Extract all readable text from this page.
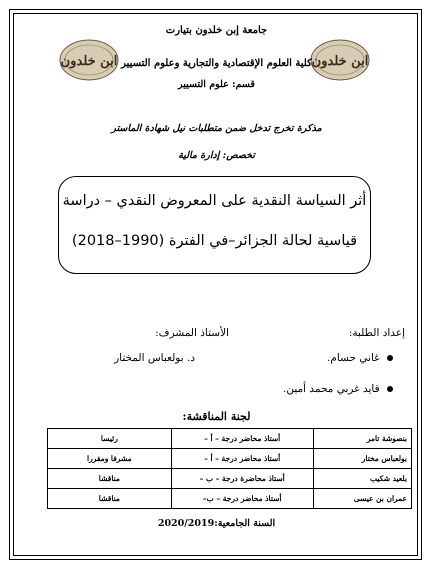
ابن خلدون	ابن خلدون
جامعة إبن خلدون بتيارت
كلية العلوم الإقتصادية والتجارية وعلوم التسيير
قسم: علوم التسيير
مذكرة تخرج تدخل ضمن متطلبات نيل شهادة الماستر
تخصص: إدارة مالية
أثر السياسة النقدية على المعروض النقدي – دراسة
قياسية لحالة الجزائر–في الفترة (1990–2018)
إعداد الطلبة:
غاني حسام.
قايد غربي محمد أمين.
الأستاذ المشرف:
د. بولعباس المختار
لجنة المناقشة:
بنصوشة تامر	أستاذ محاضر درجة – أ –	رئيسا
بولعباس مختار	أستاذ محاضر درجة – أ –	مشرفا ومقررا
بلعيد شكيب	أستاذ محاضرة درجة – ب –	مناقشا
عمران بن عيسى	أستاذ محاضر درجة – ب–	مناقشا
السنة الجامعية:2020/2019
